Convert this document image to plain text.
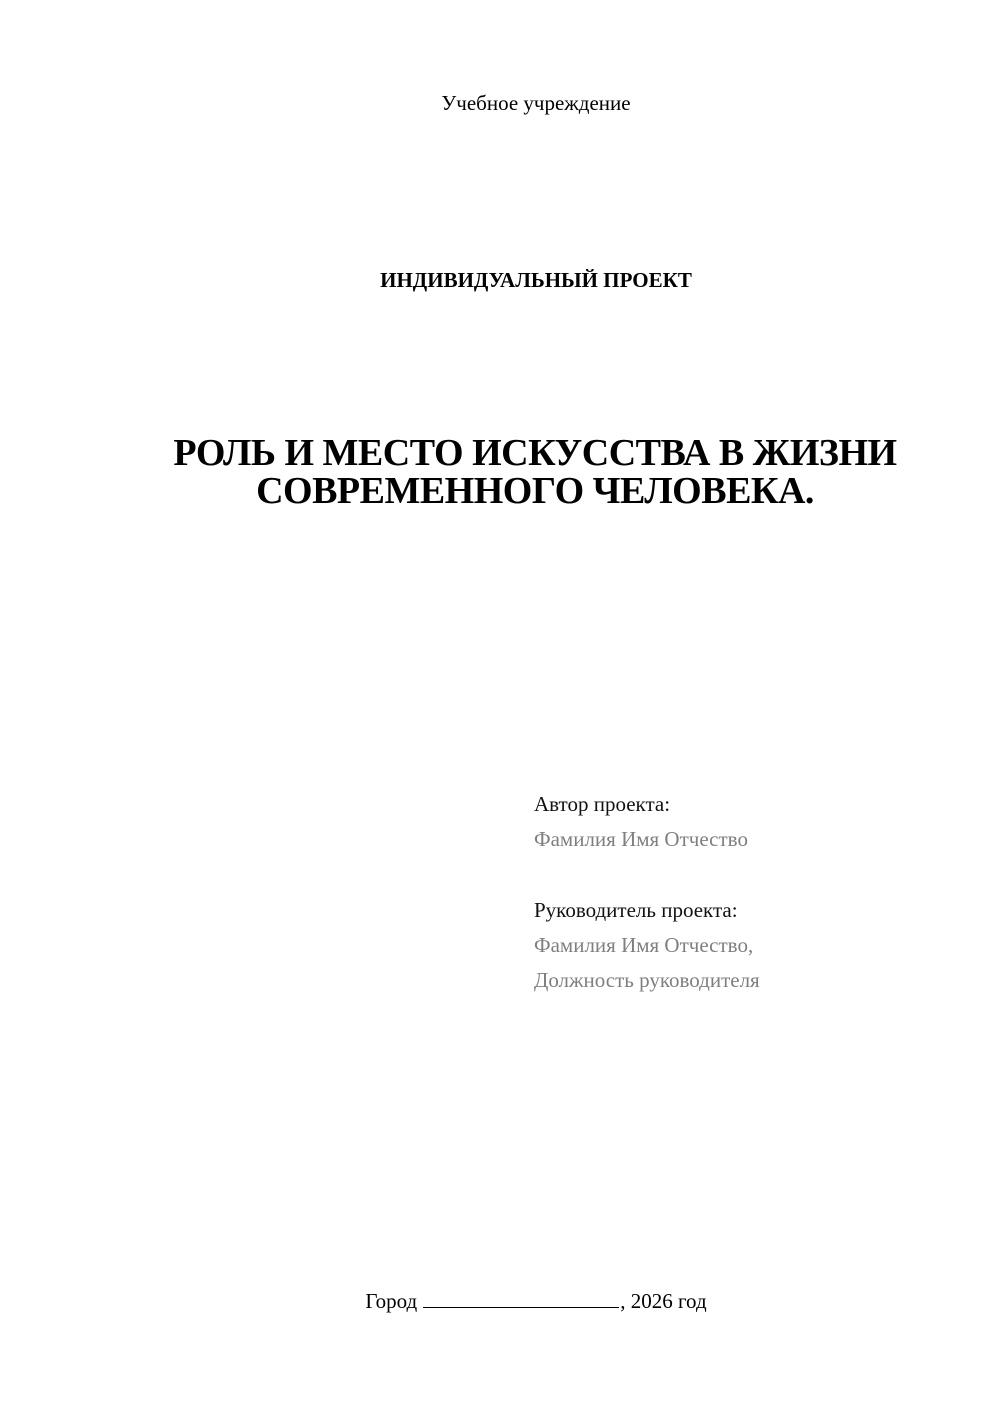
Учебное учреждение
ИНДИВИДУАЛЬНЫЙ ПРОЕКТ
РОЛЬ И МЕСТО ИСКУССТВА В ЖИЗНИ
СОВРЕМЕННОГО ЧЕЛОВЕКА.
Автор проекта:
Фамилия Имя Отчество
Руководитель проекта:
Фамилия Имя Отчество,
Должность руководителя
Город	, 2026 год
